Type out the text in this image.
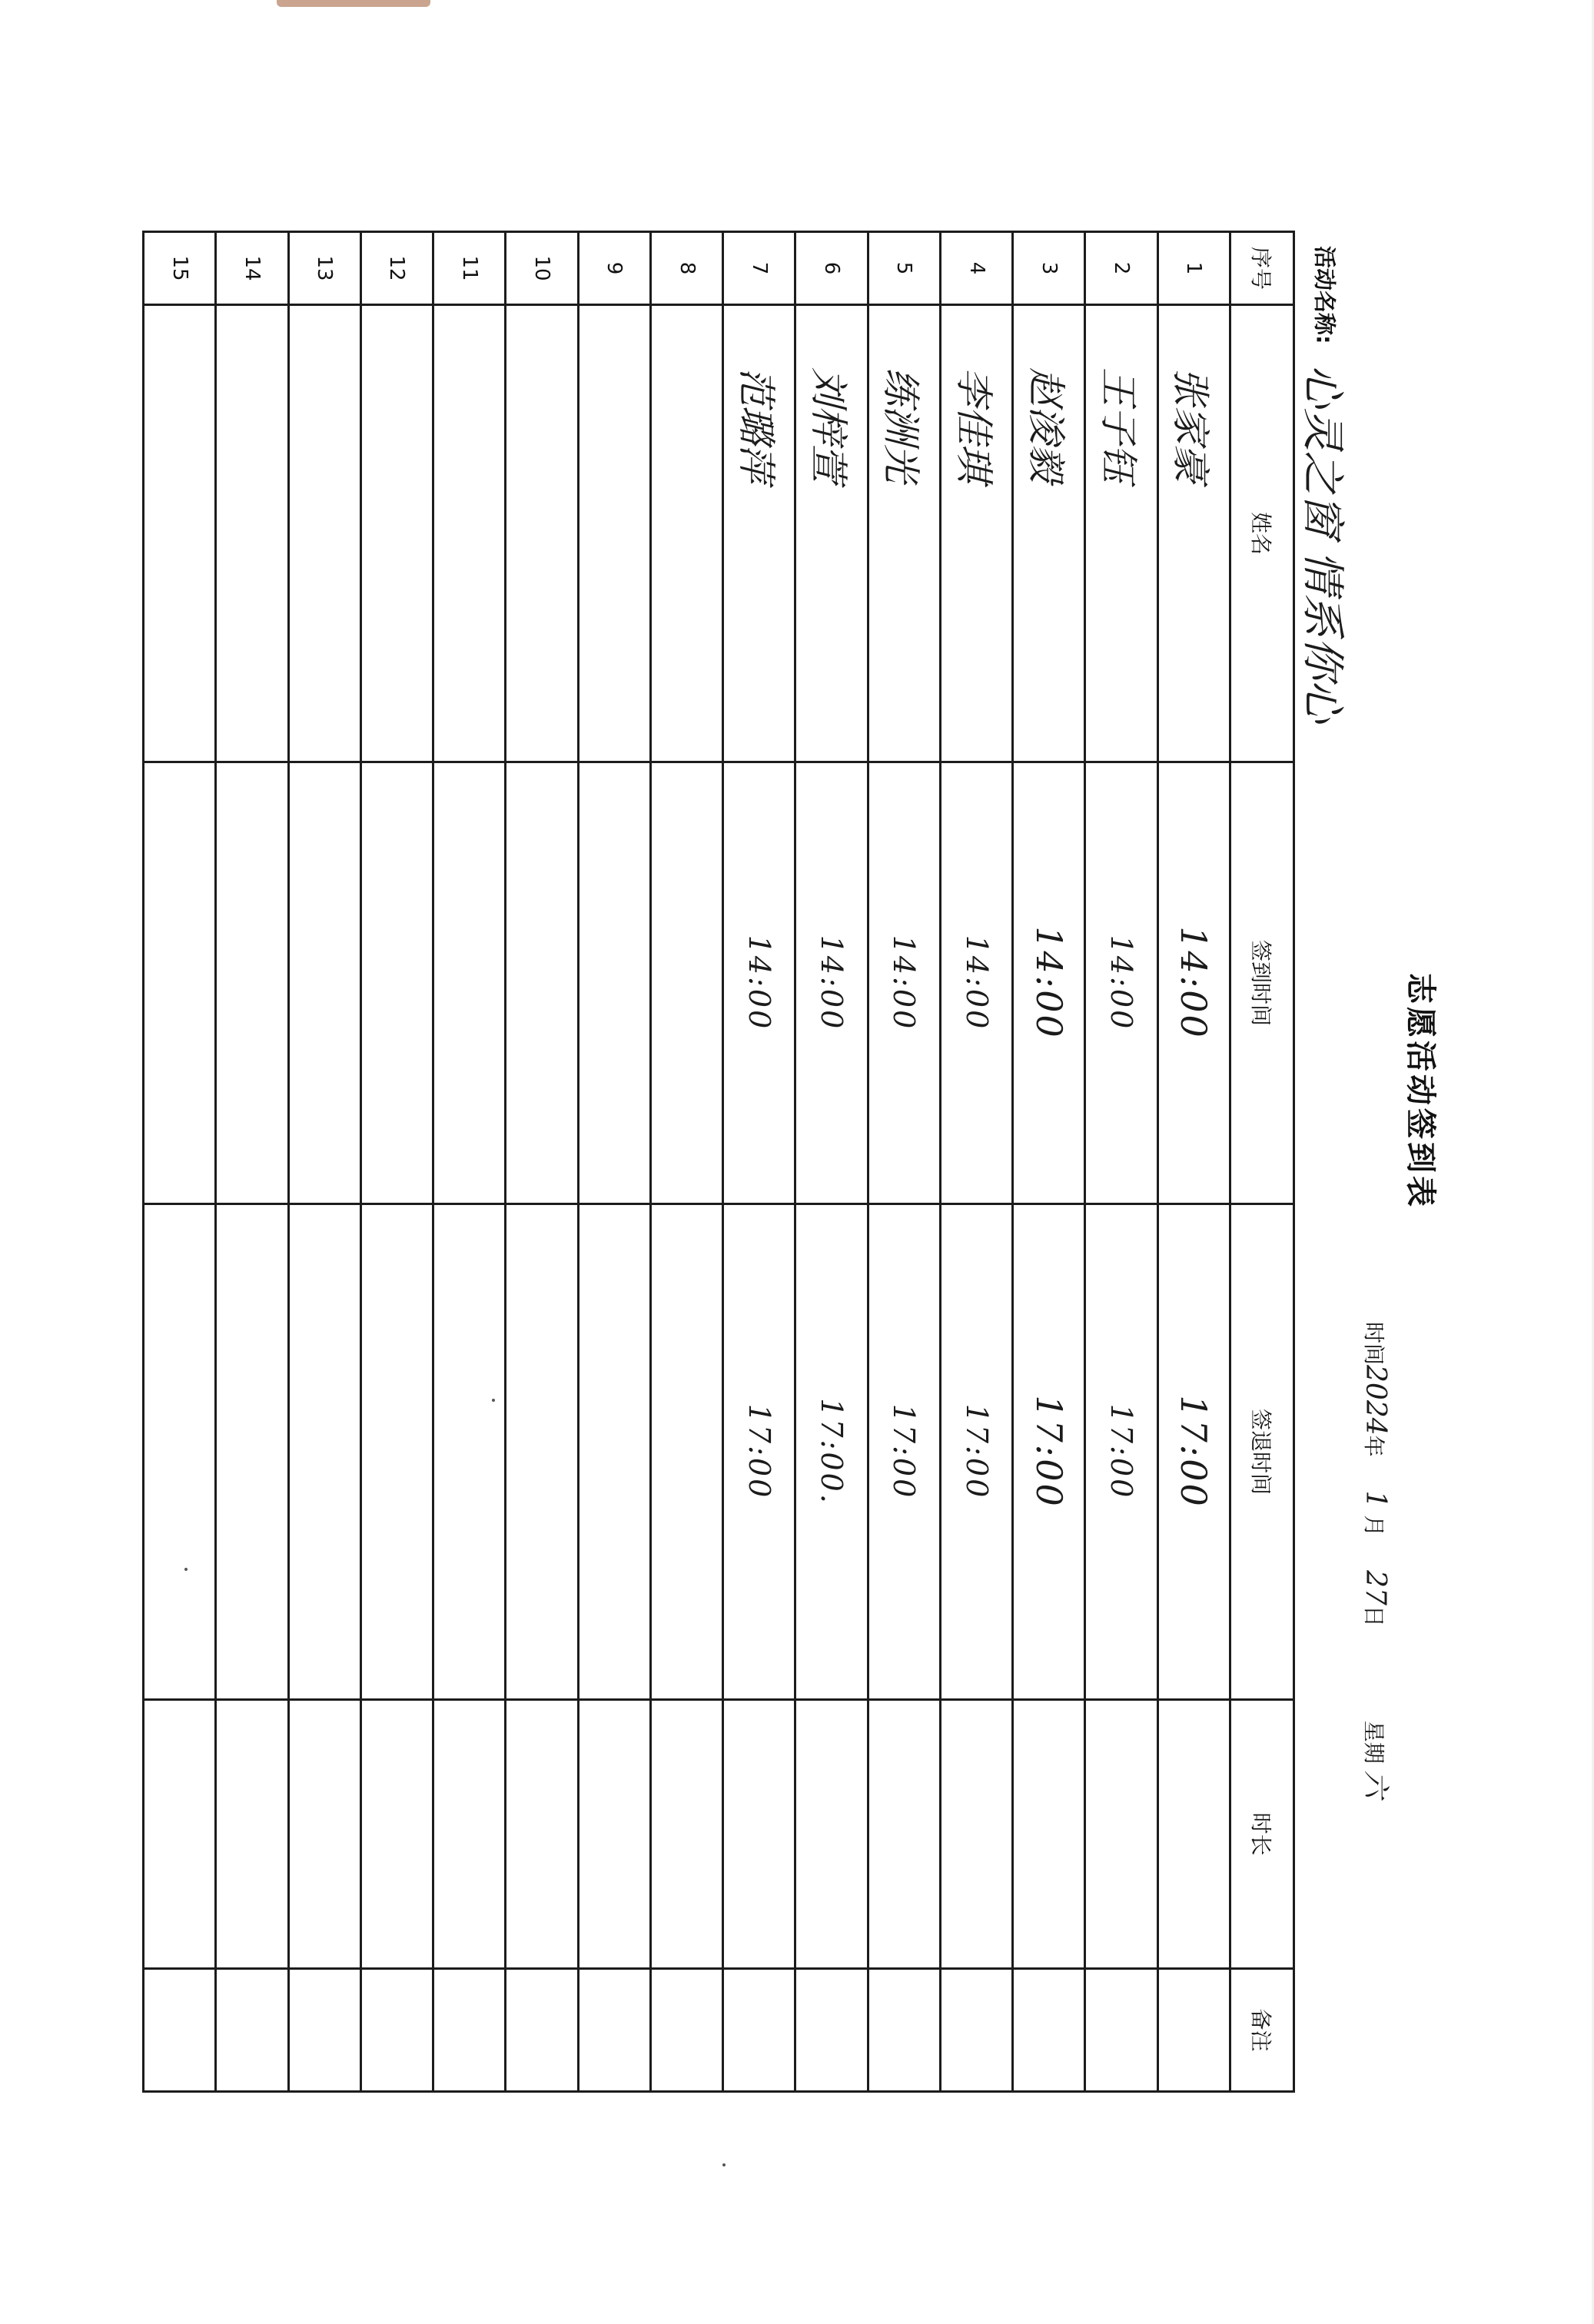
志愿活动签到表
时间2024年  1 月  27日  星期 六
活动名称: 心灵之窗 情系你心
序号	姓名	签到时间	签退时间	时长	备注
1	张家豪	14:00	17:00		
2	王子钰	14:00	17:00		
3	赵浚毅	14:00	17:00		
4	李佳琪	14:00	17:00		
5	练洲光	14:00	17:00		
6	刘梓萱	14:00	17:00.		
7	范璐萍	14:00	17:00		
8					
9					
10					
11					
12					
13					
14					
15					
